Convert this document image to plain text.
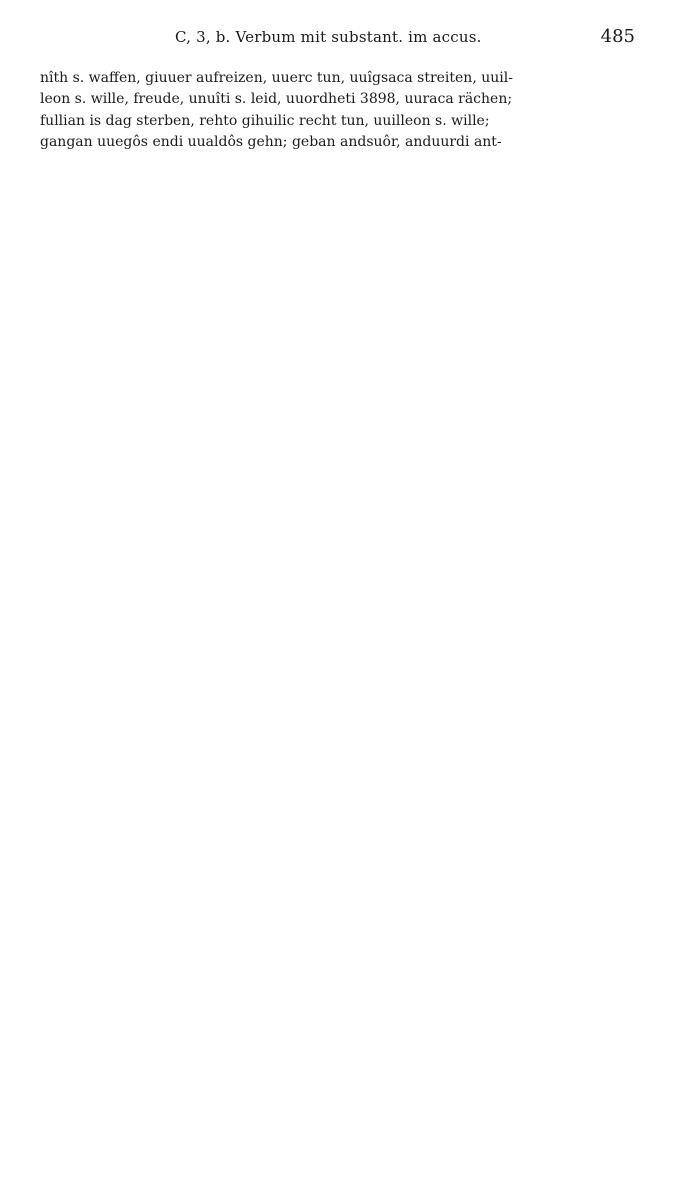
C, 3, b. Verbum mit substant. im accus.	485
nîth s. waffen, giuuer aufreizen, uuerc tun, uuîgsaca streiten, uuil-
leon s. wille, freude, unuîti s. leid, uuordheti 3898, uuraca rächen;
fullian is dag sterben, rehto gihuilic recht tun, uuilleon s. wille;
gangan uuegôs endi uualdôs gehn; geban andsuôr, anduurdi ant-
